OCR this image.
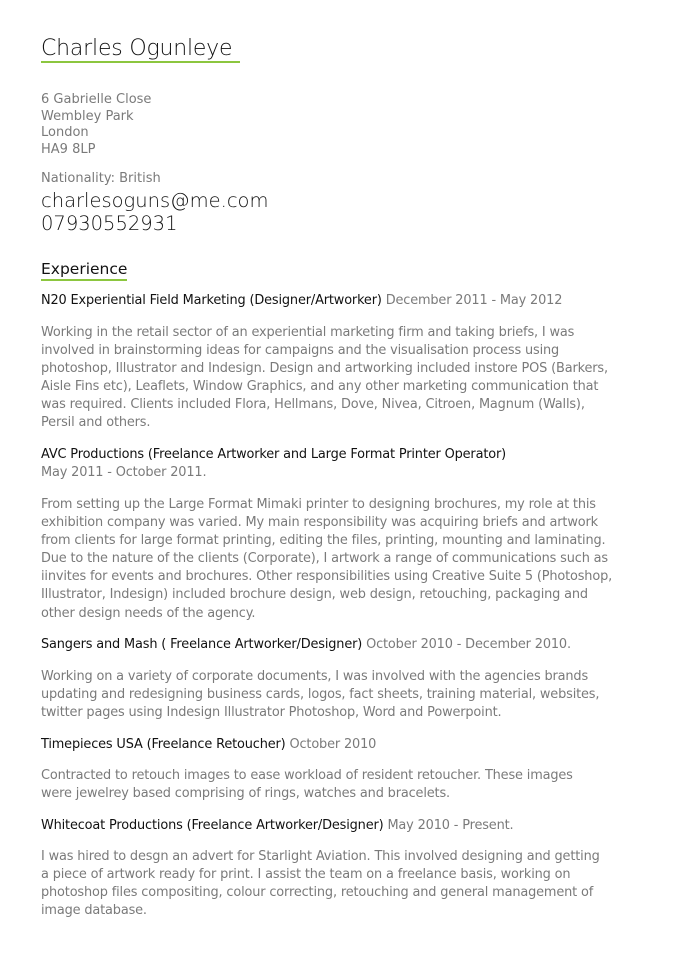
Charles Ogunleye
6 Gabrielle Close
Wembley Park
London
HA9 8LP
Nationality: British
charlesoguns@me.com
07930552931
Experience
N20 Experiential Field Marketing (Designer/Artworker) December 2011 - May 2012
Working in the retail sector of an experiential marketing firm and taking briefs, I was
involved in brainstorming ideas for campaigns and the visualisation process using
photoshop, Illustrator and Indesign. Design and artworking included instore POS (Barkers,
Aisle Fins etc), Leaflets, Window Graphics, and any other marketing communication that
was required. Clients included Flora, Hellmans, Dove, Nivea, Citroen, Magnum (Walls),
Persil and others.
AVC Productions (Freelance Artworker and Large Format Printer Operator)
May 2011 - October 2011.
From setting up the Large Format Mimaki printer to designing brochures, my role at this
exhibition company was varied. My main responsibility was acquiring briefs and artwork
from clients for large format printing, editing the files, printing, mounting and laminating.
Due to the nature of the clients (Corporate), I artwork a range of communications such as
iinvites for events and brochures. Other responsibilities using Creative Suite 5 (Photoshop,
Illustrator, Indesign) included brochure design, web design, retouching, packaging and
other design needs of the agency.
Sangers and Mash ( Freelance Artworker/Designer) October 2010 - December 2010.
Working on a variety of corporate documents, I was involved with the agencies brands
updating and redesigning business cards, logos, fact sheets, training material, websites,
twitter pages using Indesign Illustrator Photoshop, Word and Powerpoint.
Timepieces USA (Freelance Retoucher) October 2010
Contracted to retouch images to ease workload of resident retoucher. These images
were jewelrey based comprising of rings, watches and bracelets.
Whitecoat Productions (Freelance Artworker/Designer) May 2010 - Present.
I was hired to desgn an advert for Starlight Aviation. This involved designing and getting
a piece of artwork ready for print. I assist the team on a freelance basis, working on
photoshop files compositing, colour correcting, retouching and general management of
image database.
